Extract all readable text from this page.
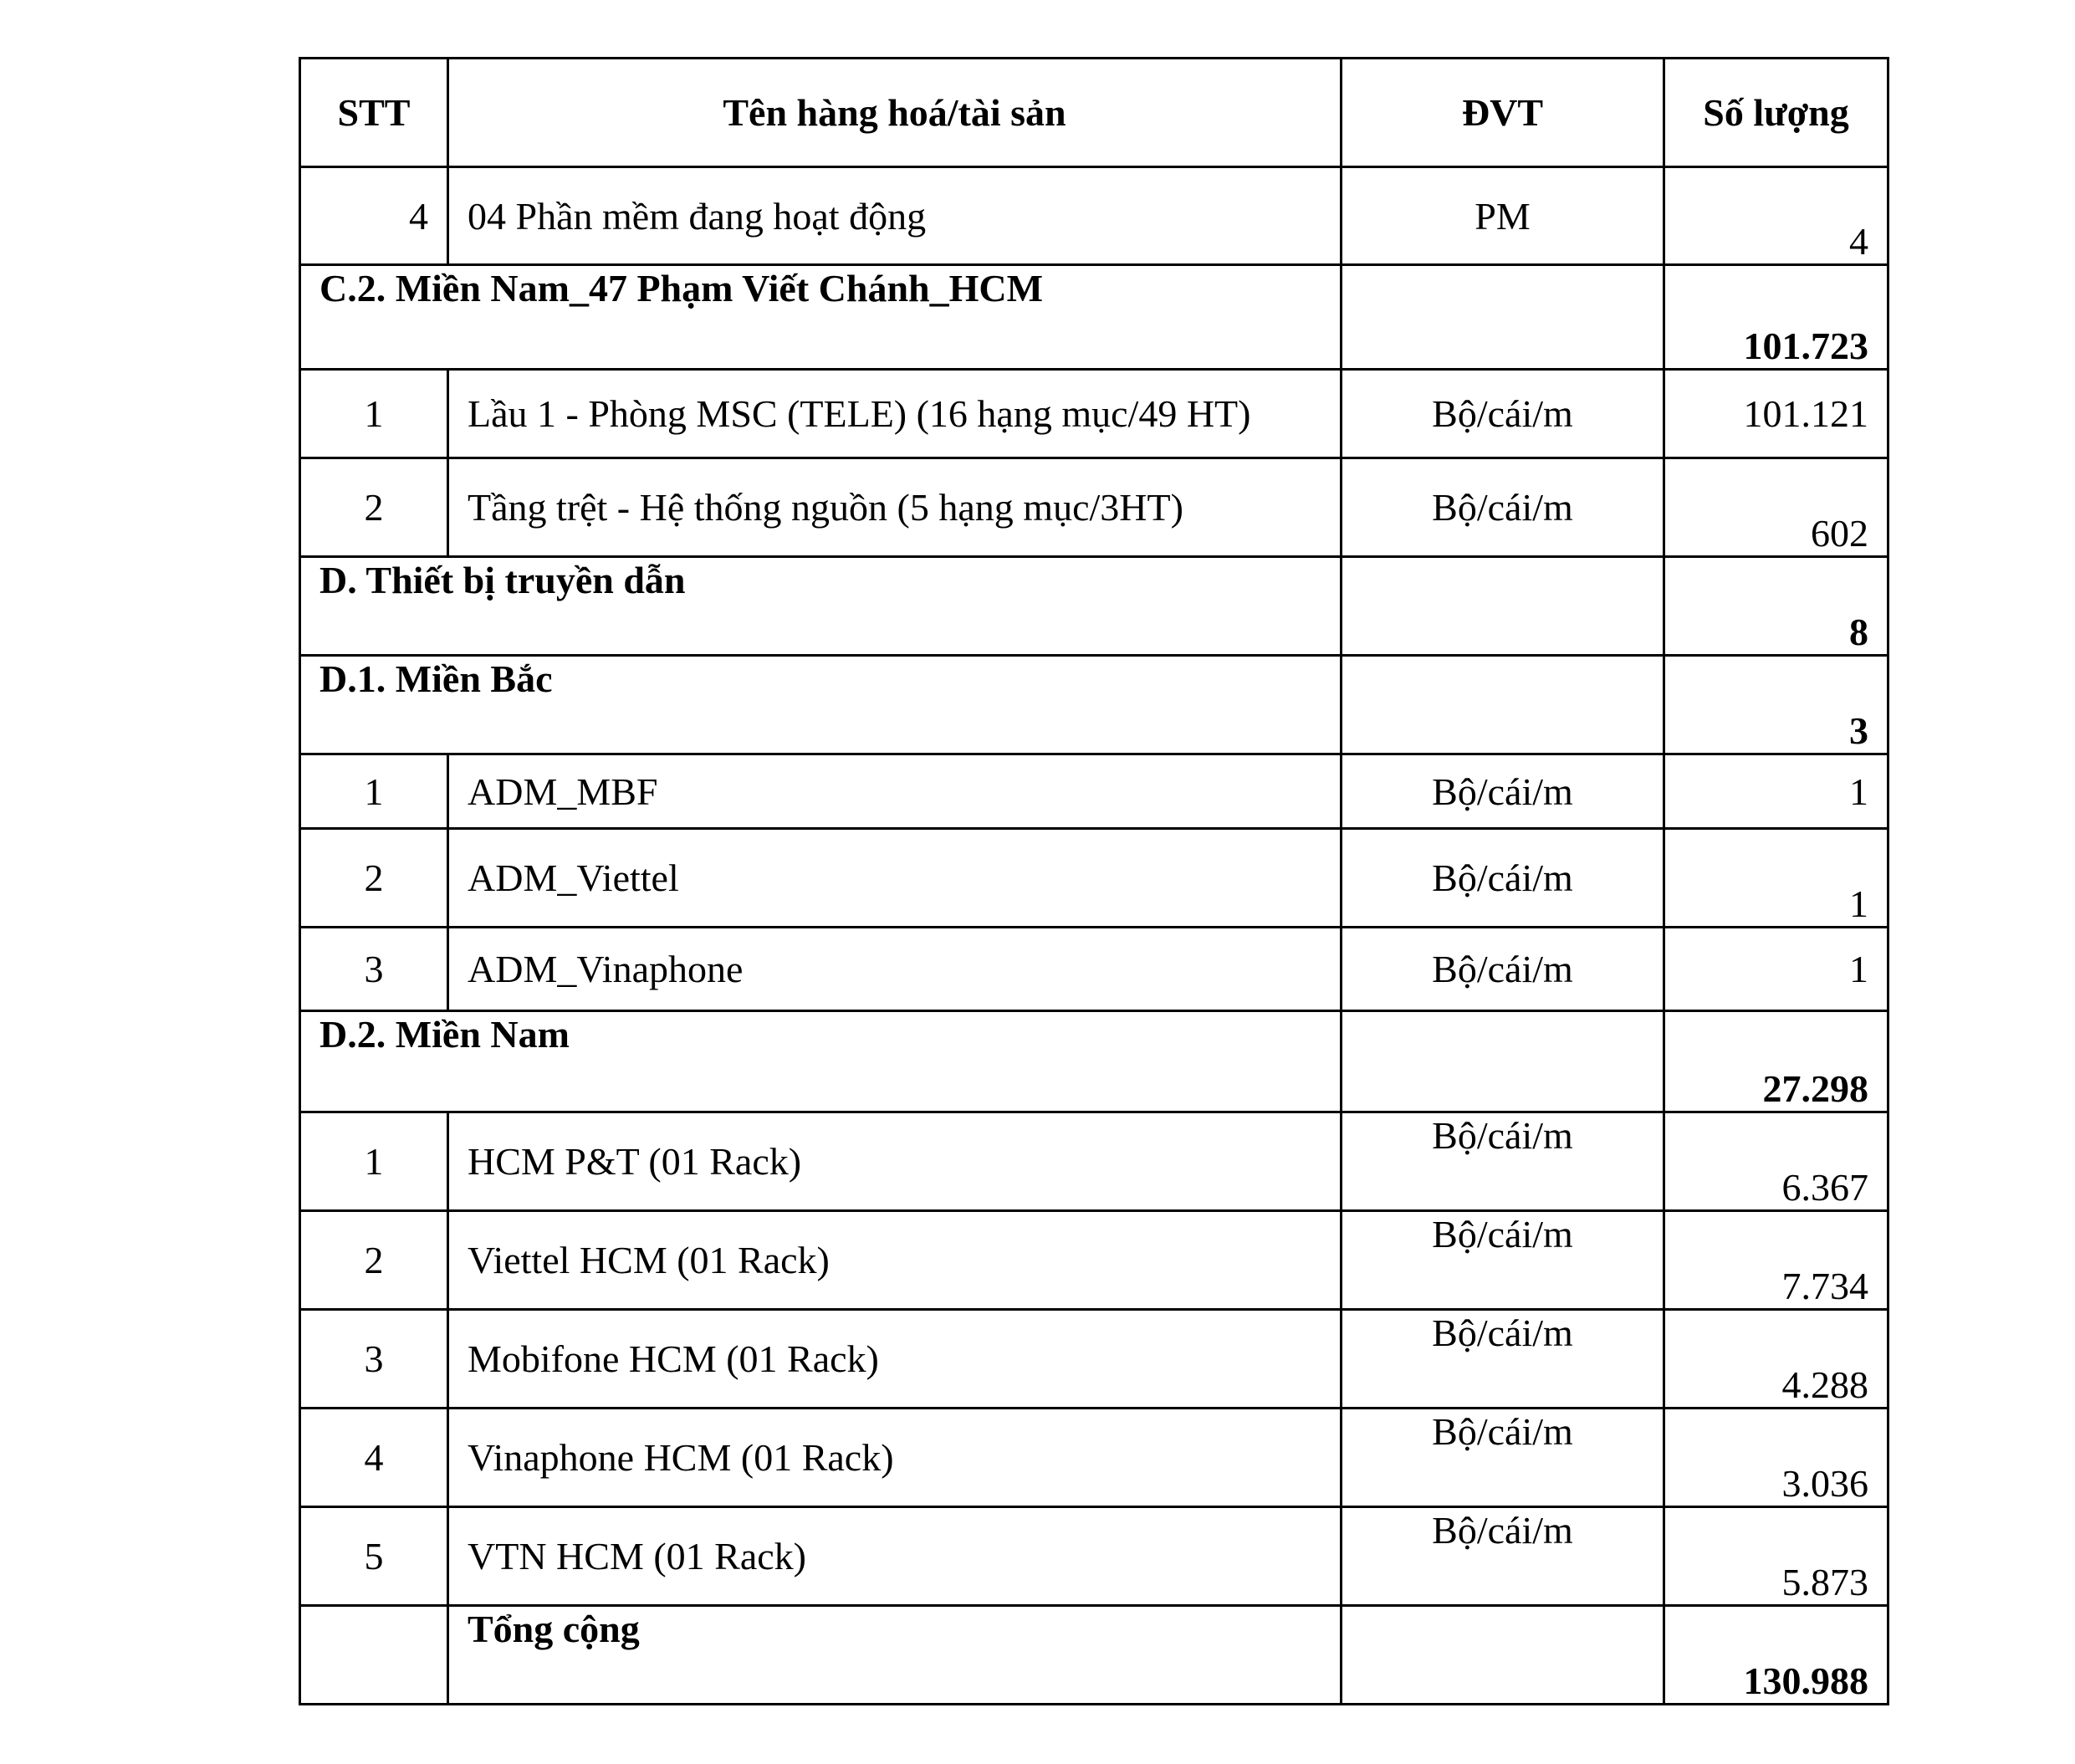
STT	Tên hàng hoá/tài sản	ĐVT	Số lượng
4	04 Phần mềm đang hoạt động	PM	4
C.2. Miền Nam_47 Phạm Viết Chánh_HCM			101.723
1	Lầu 1 - Phòng MSC (TELE) (16 hạng mục/49 HT)	Bộ/cái/m	101.121
2	Tầng trệt - Hệ thống nguồn (5 hạng mục/3HT)	Bộ/cái/m	602
D. Thiết bị truyền dẫn			8
D.1. Miền Bắc			3
1	ADM_MBF	Bộ/cái/m	1
2	ADM_Viettel	Bộ/cái/m	1
3	ADM_Vinaphone	Bộ/cái/m	1
D.2. Miền Nam			27.298
1	HCM P&T (01 Rack)	Bộ/cái/m	6.367
2	Viettel HCM (01 Rack)	Bộ/cái/m	7.734
3	Mobifone HCM (01 Rack)	Bộ/cái/m	4.288
4	Vinaphone HCM (01 Rack)	Bộ/cái/m	3.036
5	VTN HCM (01 Rack)	Bộ/cái/m	5.873
	Tổng cộng		130.988
